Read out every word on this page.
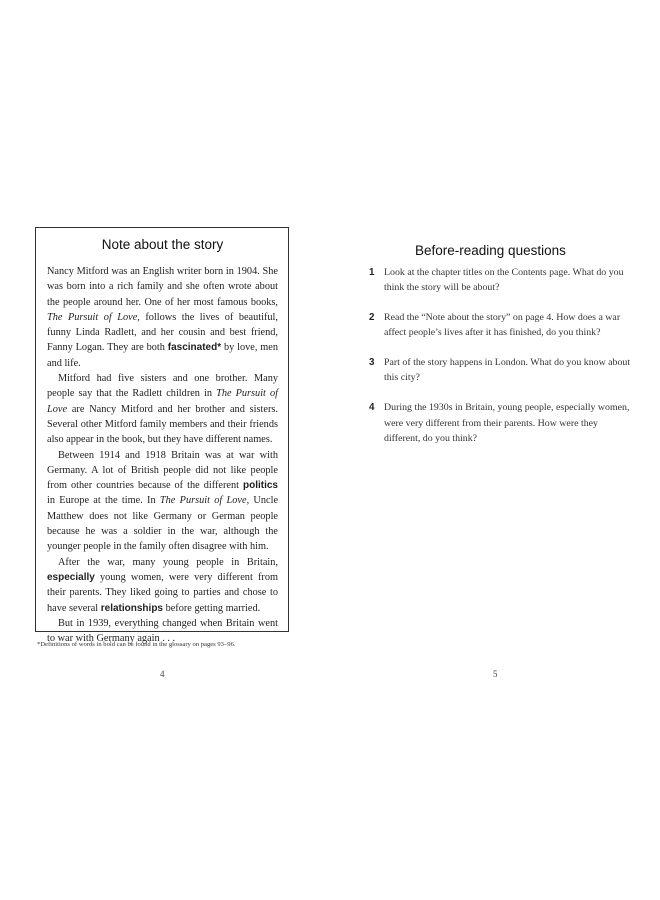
Note about the story

Nancy Mitford was an English writer born in 1904. She was born into a rich family and she often wrote about the people around her. One of her most famous books, The Pursuit of Love, follows the lives of beautiful, funny Linda Radlett, and her cousin and best friend, Fanny Logan. They are both fascinated* by love, men and life.

Mitford had five sisters and one brother. Many people say that the Radlett children in The Pursuit of Love are Nancy Mitford and her brother and sisters. Several other Mitford family members and their friends also appear in the book, but they have different names.

Between 1914 and 1918 Britain was at war with Germany. A lot of British people did not like people from other countries because of the different politics in Europe at the time. In The Pursuit of Love, Uncle Matthew does not like Germany or German people because he was a soldier in the war, although the younger people in the family often disagree with him.

After the war, many young people in Britain, especially young women, were very different from their parents. They liked going to parties and chose to have several relationships before getting married.

But in 1939, everything changed when Britain went to war with Germany again . . .

*Definitions of words in bold can be found in the glossary on pages 93–96.
4
Before-reading questions
1 Look at the chapter titles on the Contents page. What do you think the story will be about?
2 Read the “Note about the story” on page 4. How does a war affect people’s lives after it has finished, do you think?
3 Part of the story happens in London. What do you know about this city?
4 During the 1930s in Britain, young people, especially women, were very different from their parents. How were they different, do you think?
5
